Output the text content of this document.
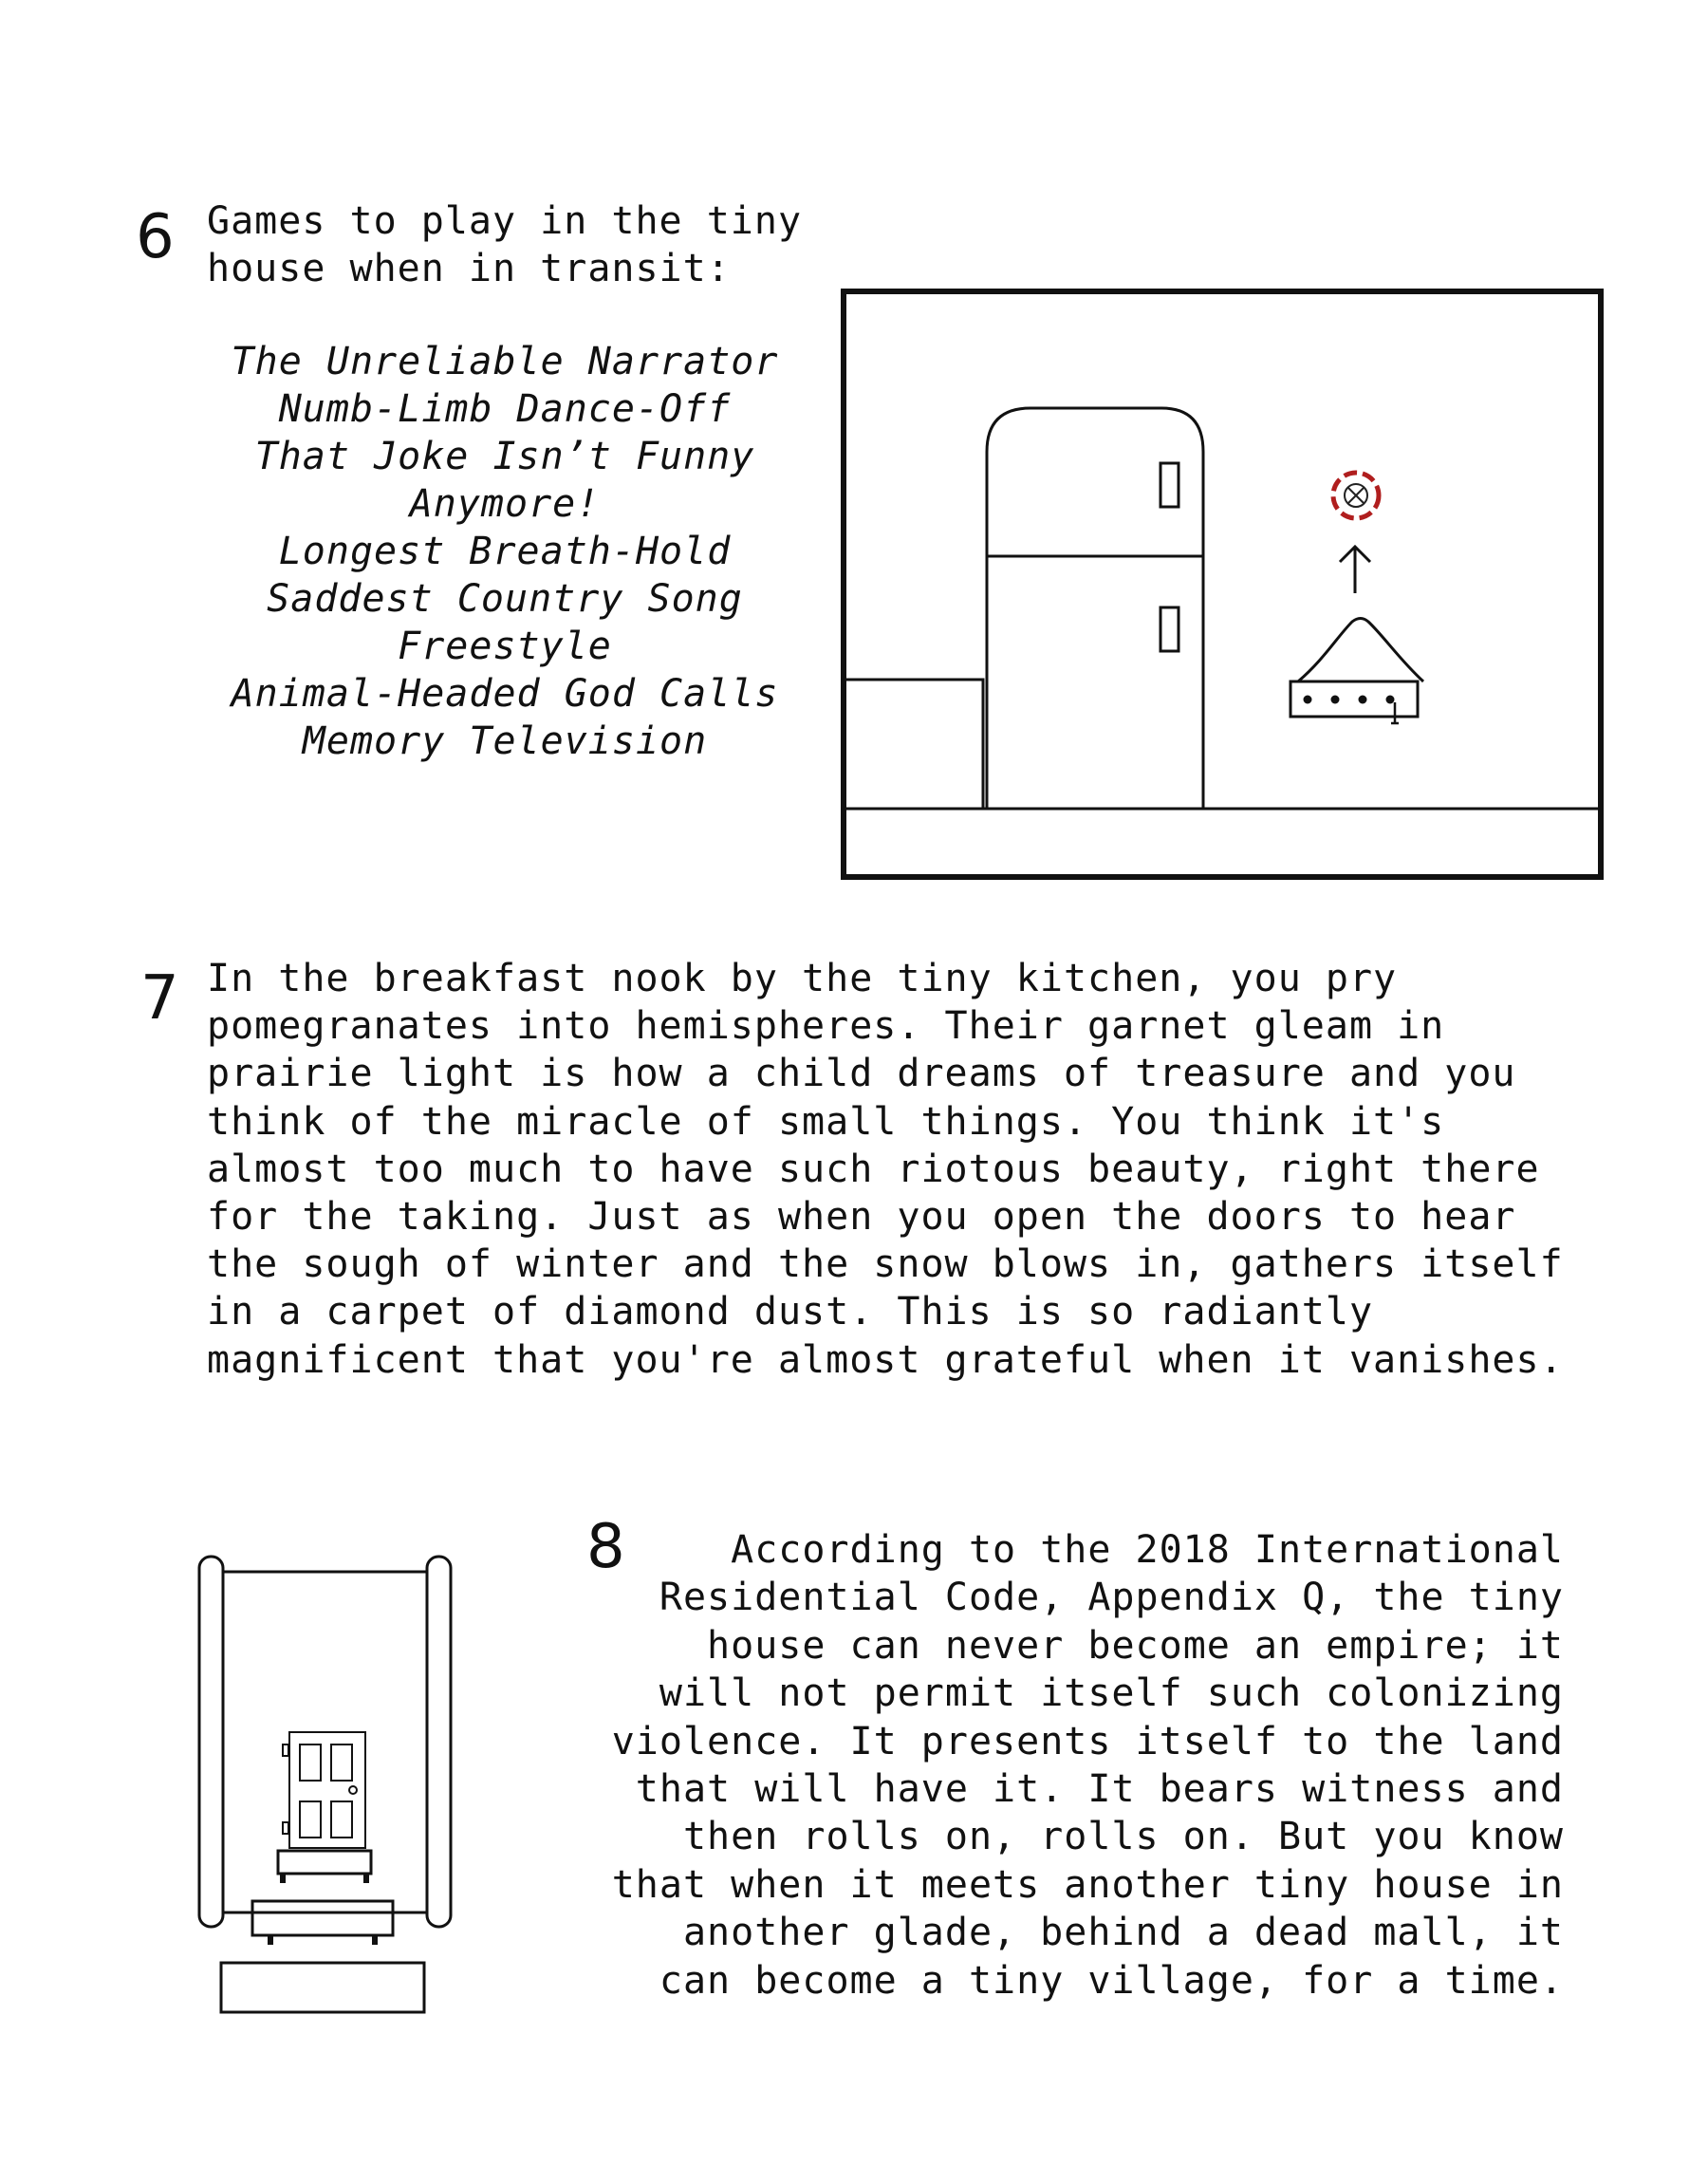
6 Games to play in the tiny
house when in transit:
The Unreliable Narrator
Numb-Limb Dance-Off
That Joke Isn’t Funny
Anymore!
Longest Breath-Hold
Saddest Country Song
Freestyle
Animal-Headed God Calls
Memory Television
7 In the breakfast nook by the tiny kitchen, you pry
pomegranates into hemispheres. Their garnet gleam in
prairie light is how a child dreams of treasure and you
think of the miracle of small things. You think it's
almost too much to have such riotous beauty, right there
for the taking. Just as when you open the doors to hear
the sough of winter and the snow blows in, gathers itself
in a carpet of diamond dust. This is so radiantly
magnificent that you're almost grateful when it vanishes.
8	According to the 2018 International
Residential Code, Appendix Q, the tiny
house can never become an empire; it
will not permit itself such colonizing
violence. It presents itself to the land
that will have it. It bears witness and
then rolls on, rolls on. But you know
that when it meets another tiny house in
another glade, behind a dead mall, it
can become a tiny village, for a time.
